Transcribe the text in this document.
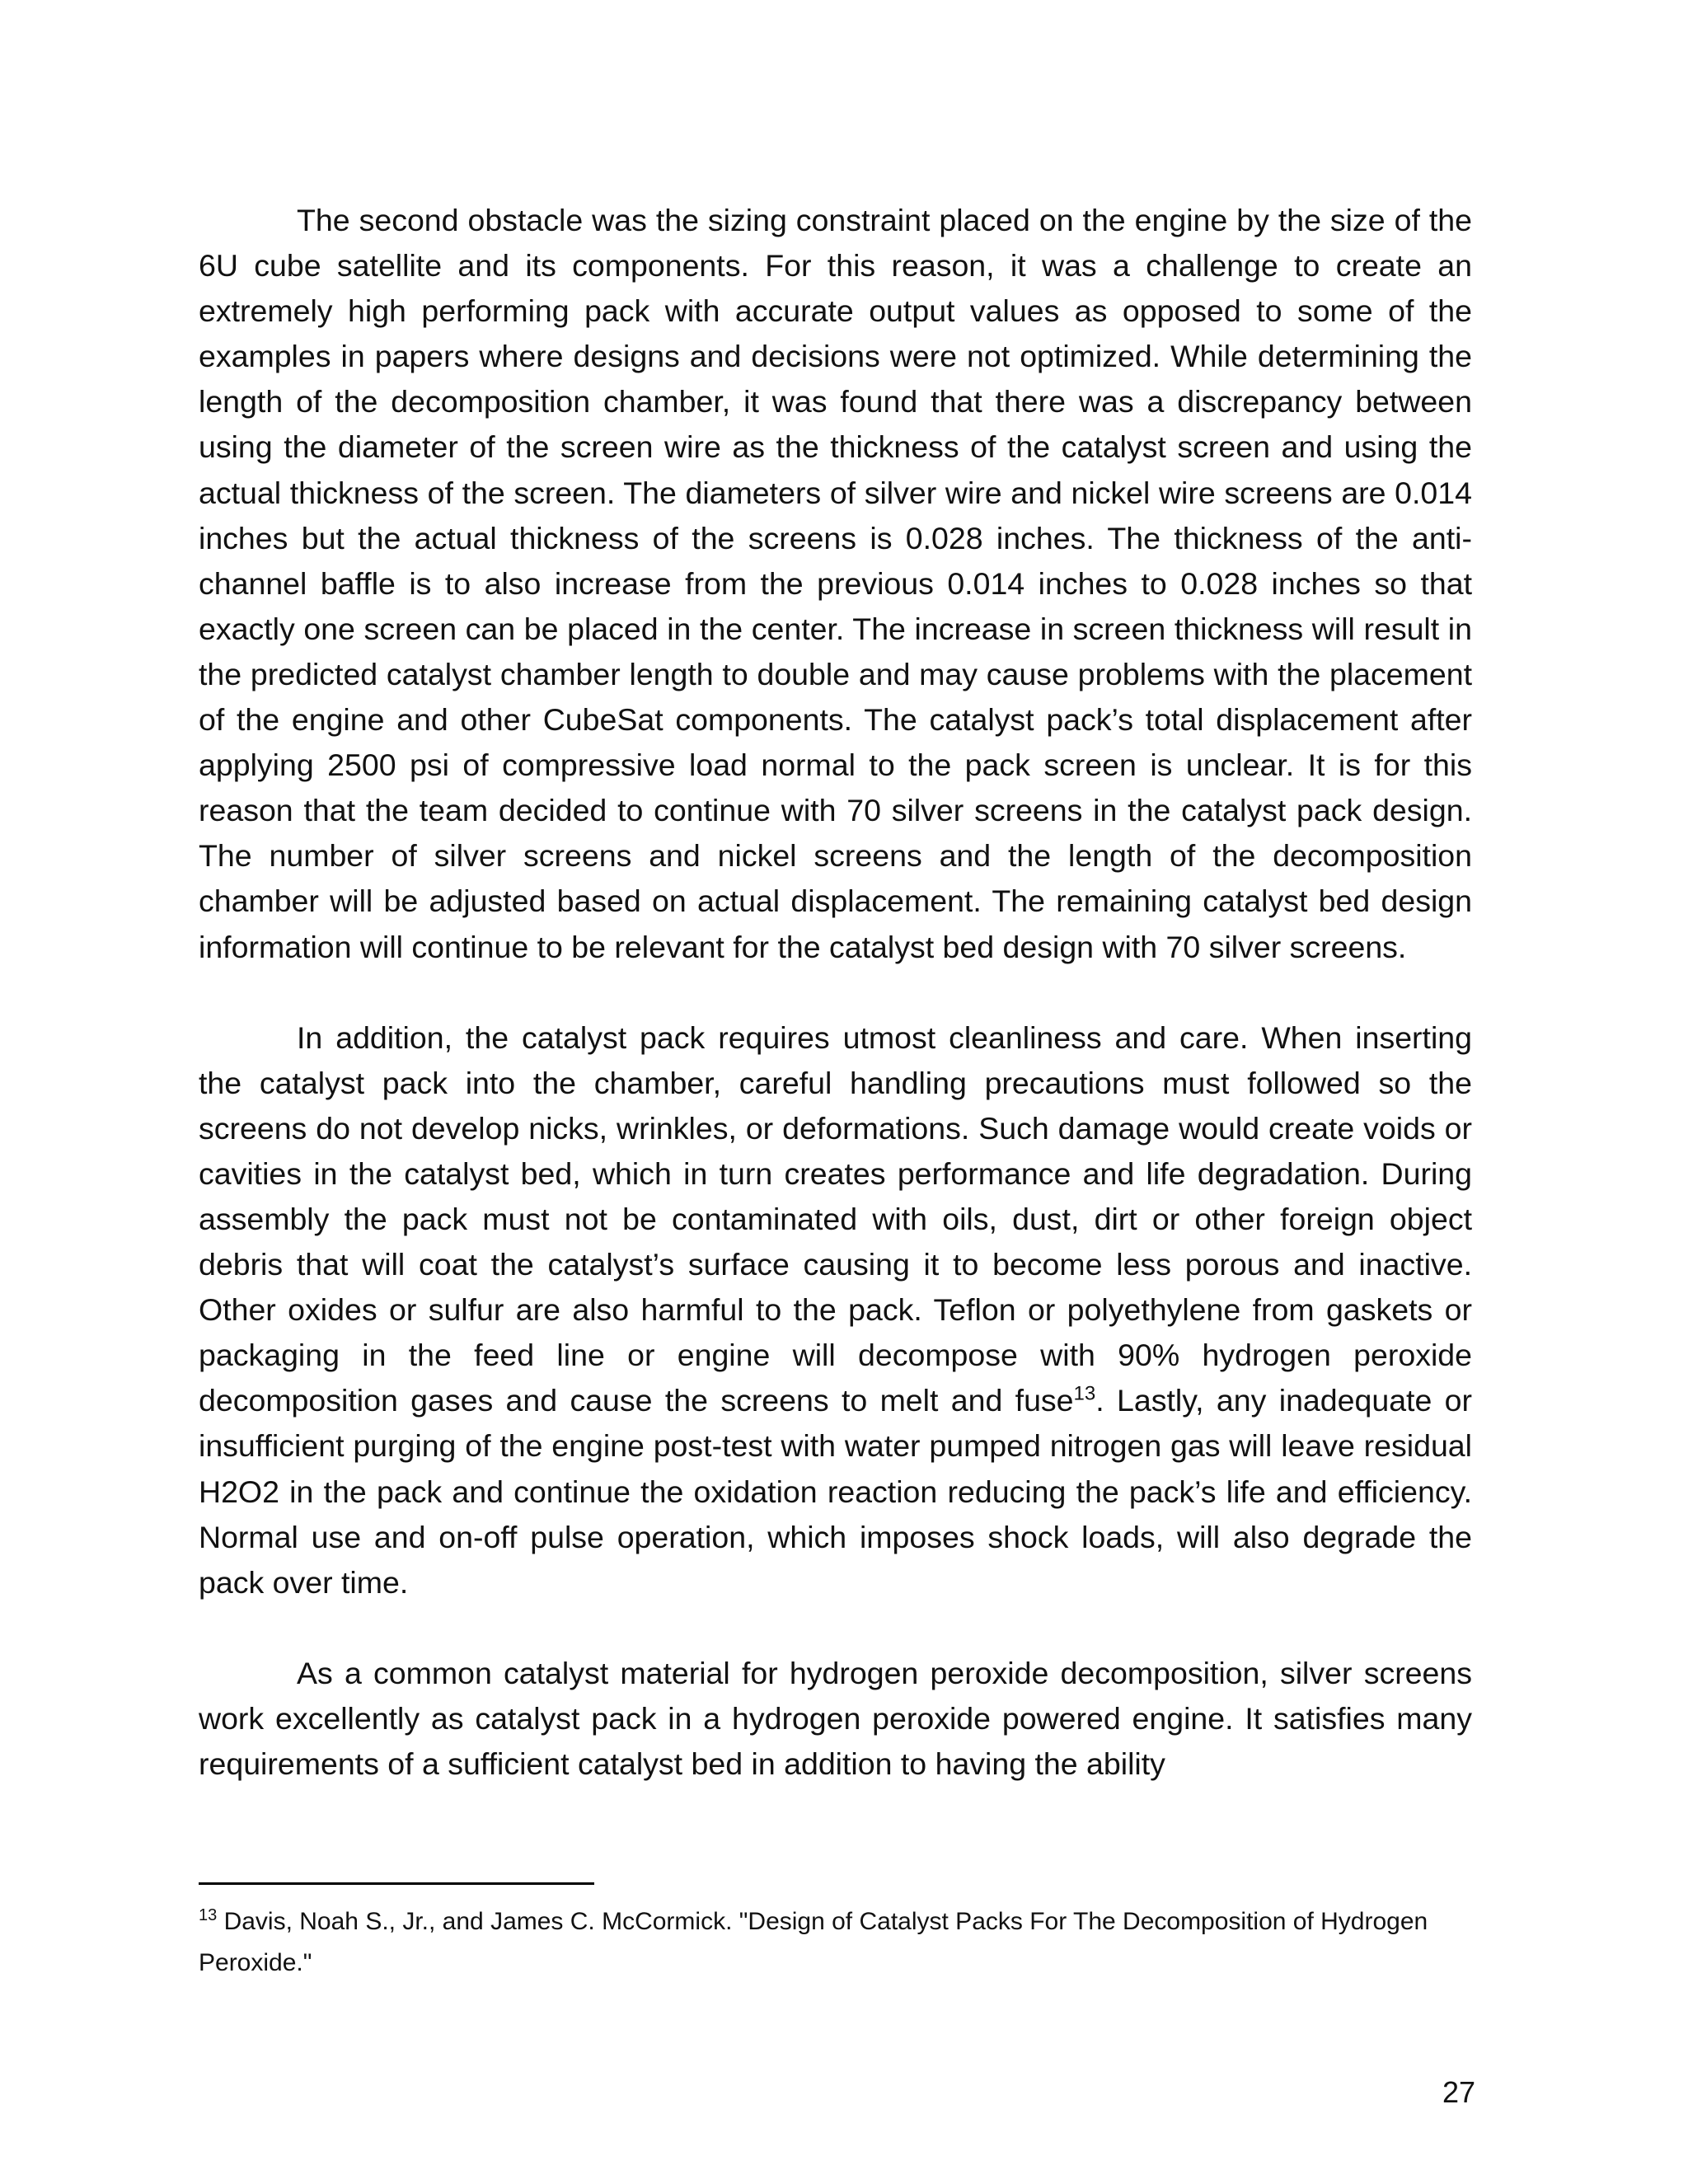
The second obstacle was the sizing constraint placed on the engine by the size of the 6U cube satellite and its components. For this reason, it was a challenge to create an extremely high performing pack with accurate output values as opposed to some of the examples in papers where designs and decisions were not optimized. While determining the length of the decomposition chamber, it was found that there was a discrepancy between using the diameter of the screen wire as the thickness of the catalyst screen and using the actual thickness of the screen. The diameters of silver wire and nickel wire screens are 0.014 inches but the actual thickness of the screens is 0.028 inches. The thickness of the anti-channel baffle is to also increase from the previous 0.014 inches to 0.028 inches so that exactly one screen can be placed in the center. The increase in screen thickness will result in the predicted catalyst chamber length to double and may cause problems with the placement of the engine and other CubeSat components. The catalyst pack’s total displacement after applying 2500 psi of compressive load normal to the pack screen is unclear. It is for this reason that the team decided to continue with 70 silver screens in the catalyst pack design. The number of silver screens and nickel screens and the length of the decomposition chamber will be adjusted based on actual displacement. The remaining catalyst bed design information will continue to be relevant for the catalyst bed design with 70 silver screens.

In addition, the catalyst pack requires utmost cleanliness and care. When inserting the catalyst pack into the chamber, careful handling precautions must followed so the screens do not develop nicks, wrinkles, or deformations. Such damage would create voids or cavities in the catalyst bed, which in turn creates performance and life degradation. During assembly the pack must not be contaminated with oils, dust, dirt or other foreign object debris that will coat the catalyst’s surface causing it to become less porous and inactive. Other oxides or sulfur are also harmful to the pack. Teflon or polyethylene from gaskets or packaging in the feed line or engine will decompose with 90% hydrogen peroxide decomposition gases and cause the screens to melt and fuse$^{13}$. Lastly, any inadequate or insufficient purging of the engine post-test with water pumped nitrogen gas will leave residual H2O2 in the pack and continue the oxidation reaction reducing the pack’s life and efficiency. Normal use and on-off pulse operation, which imposes shock loads, will also degrade the pack over time.

As a common catalyst material for hydrogen peroxide decomposition, silver screens work excellently as catalyst pack in a hydrogen peroxide powered engine. It satisfies many requirements of a sufficient catalyst bed in addition to having the ability

$^{13}$ Davis, Noah S., Jr., and James C. McCormick. "Design of Catalyst Packs For The Decomposition of Hydrogen Peroxide."

27
